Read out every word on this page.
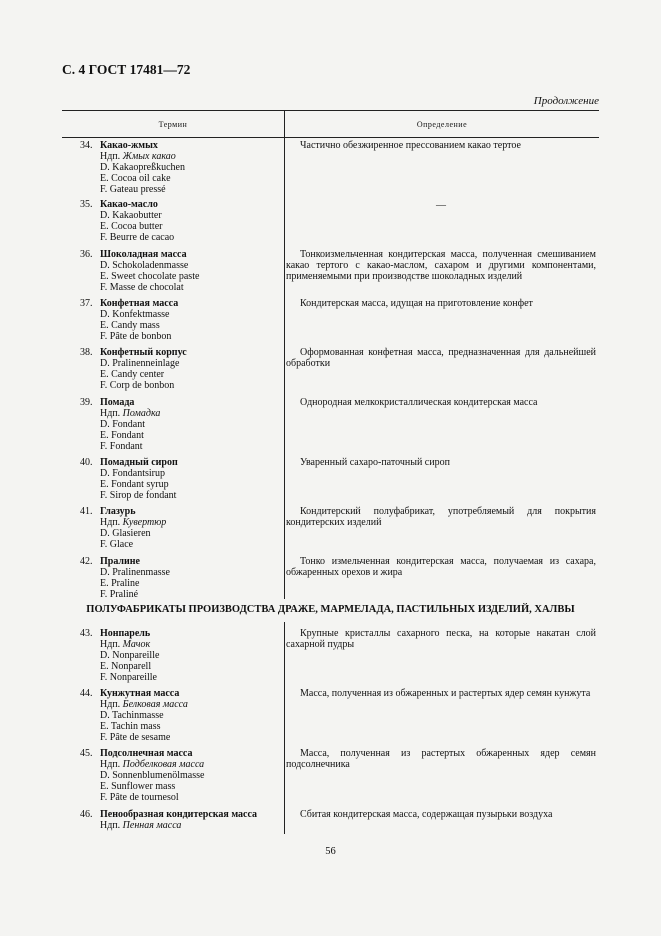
С. 4 ГОСТ 17481—72
Продолжение
Термин	Определение
ПОЛУФАБРИКАТЫ ПРОИЗВОДСТВА ДРАЖЕ, МАРМЕЛАДА, ПАСТИЛЬНЫХ ИЗДЕЛИЙ, ХАЛВЫ
56
34. Какао-жмых
Ндп. Жмых какао
D. Kakaopreßkuchen
E. Cocoa oil cake
F. Gateau pressé
Частично обезжиренное прессованием какао тертое
35. Какао-масло
D. Kakaobutter
E. Cocoa butter
F. Beurre de cacao
—
36. Шоколадная масса
D. Schokoladenmasse
E. Sweet chocolate paste
F. Masse de chocolat
Тонкоизмельченная кондитерская масса, полученная смешиванием какао тертого с какао-маслом, сахаром и другими компонентами, применяемыми при производстве шоколадных изделий
37. Конфетная масса
D. Konfektmasse
E. Candy mass
F. Pâte de bonbon
Кондитерская масса, идущая на приготовление конфет
38. Конфетный корпус
D. Pralinenneinlage
E. Candy center
F. Corp de bonbon
Оформованная конфетная масса, предназначенная для дальнейшей обработки
39. Помада
Ндп. Помадка
D. Fondant
E. Fondant
F. Fondant
Однородная мелкокристаллическая кондитерская масса
40. Помадный сироп
D. Fondantsirup
E. Fondant syrup
F. Sirop de fondant
Уваренный сахаро-паточный сироп
41. Глазурь
Ндп. Кувертюр
D. Glasieren
F. Glace
Кондитерский полуфабрикат, употребляемый для покрытия кондитерских изделий
42. Пралине
D. Pralinenmasse
E. Praline
F. Praliné
Тонко измельченная кондитерская масса, получаемая из сахара, обжаренных орехов и жира
43. Нонпарель
Ндп. Мачок
D. Nonpareille
E. Nonparell
F. Nonpareille
Крупные кристаллы сахарного песка, на которые накатан слой сахарной пудры
44. Кунжутная масса
Ндп. Белковая масса
D. Tachinmasse
E. Tachin mass
F. Pâte de sesame
Масса, полученная из обжаренных и растертых ядер семян кунжута
45. Подсолнечная масса
Ндп. Подбелковая масса
D. Sonnenblumenölmasse
E. Sunflower mass
F. Pâte de tournesol
Масса, полученная из растертых обжаренных ядер семян подсолнечника
46. Пенообразная кондитерская масса
Ндп. Пенная масса
Сбитая кондитерская масса, содержащая пузырьки воздуха
